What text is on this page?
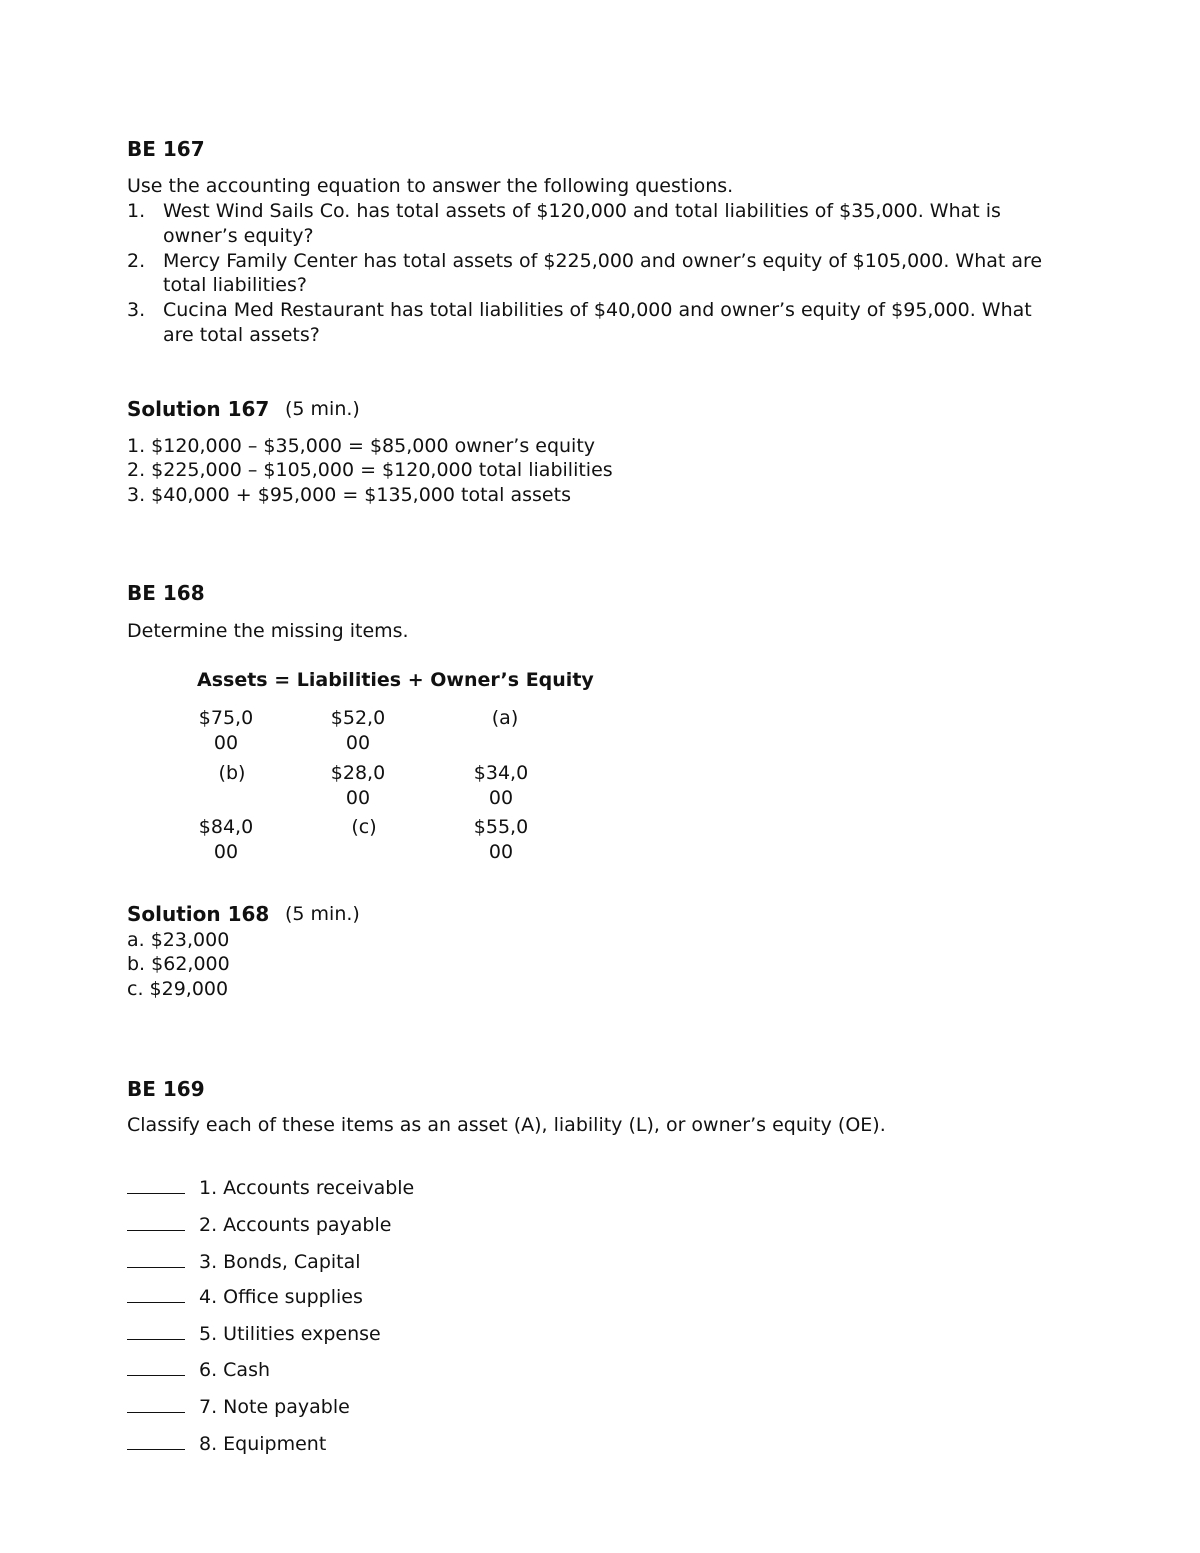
BE 167
Use the accounting equation to answer the following questions.
1. West Wind Sails Co. has total assets of $120,000 and total liabilities of $35,000. What is
owner’s equity?
2. Mercy Family Center has total assets of $225,000 and owner’s equity of $105,000. What are
total liabilities?
3. Cucina Med Restaurant has total liabilities of $40,000 and owner’s equity of $95,000. What
are total assets?
Solution 167 (5 min.)
1. $120,000 – $35,000 = $85,000 owner’s equity
2. $225,000 – $105,000 = $120,000 total liabilities
3. $40,000 + $95,000 = $135,000 total assets
BE 168
Determine the missing items.
Assets = Liabilities + Owner’s Equity
$75,0
00
$52,0
00
(a)
(b)	$28,0
00
$34,0
00
$84,0
00
(c)	$55,0
00
Solution 168 (5 min.)
a. $23,000
b. $62,000
c. $29,000
BE 169
Classify each of these items as an asset (A), liability (L), or owner’s equity (OE).
1. Accounts receivable
2. Accounts payable
3. Bonds, Capital
4. Office supplies
5. Utilities expense
6. Cash
7. Note payable
8. Equipment
